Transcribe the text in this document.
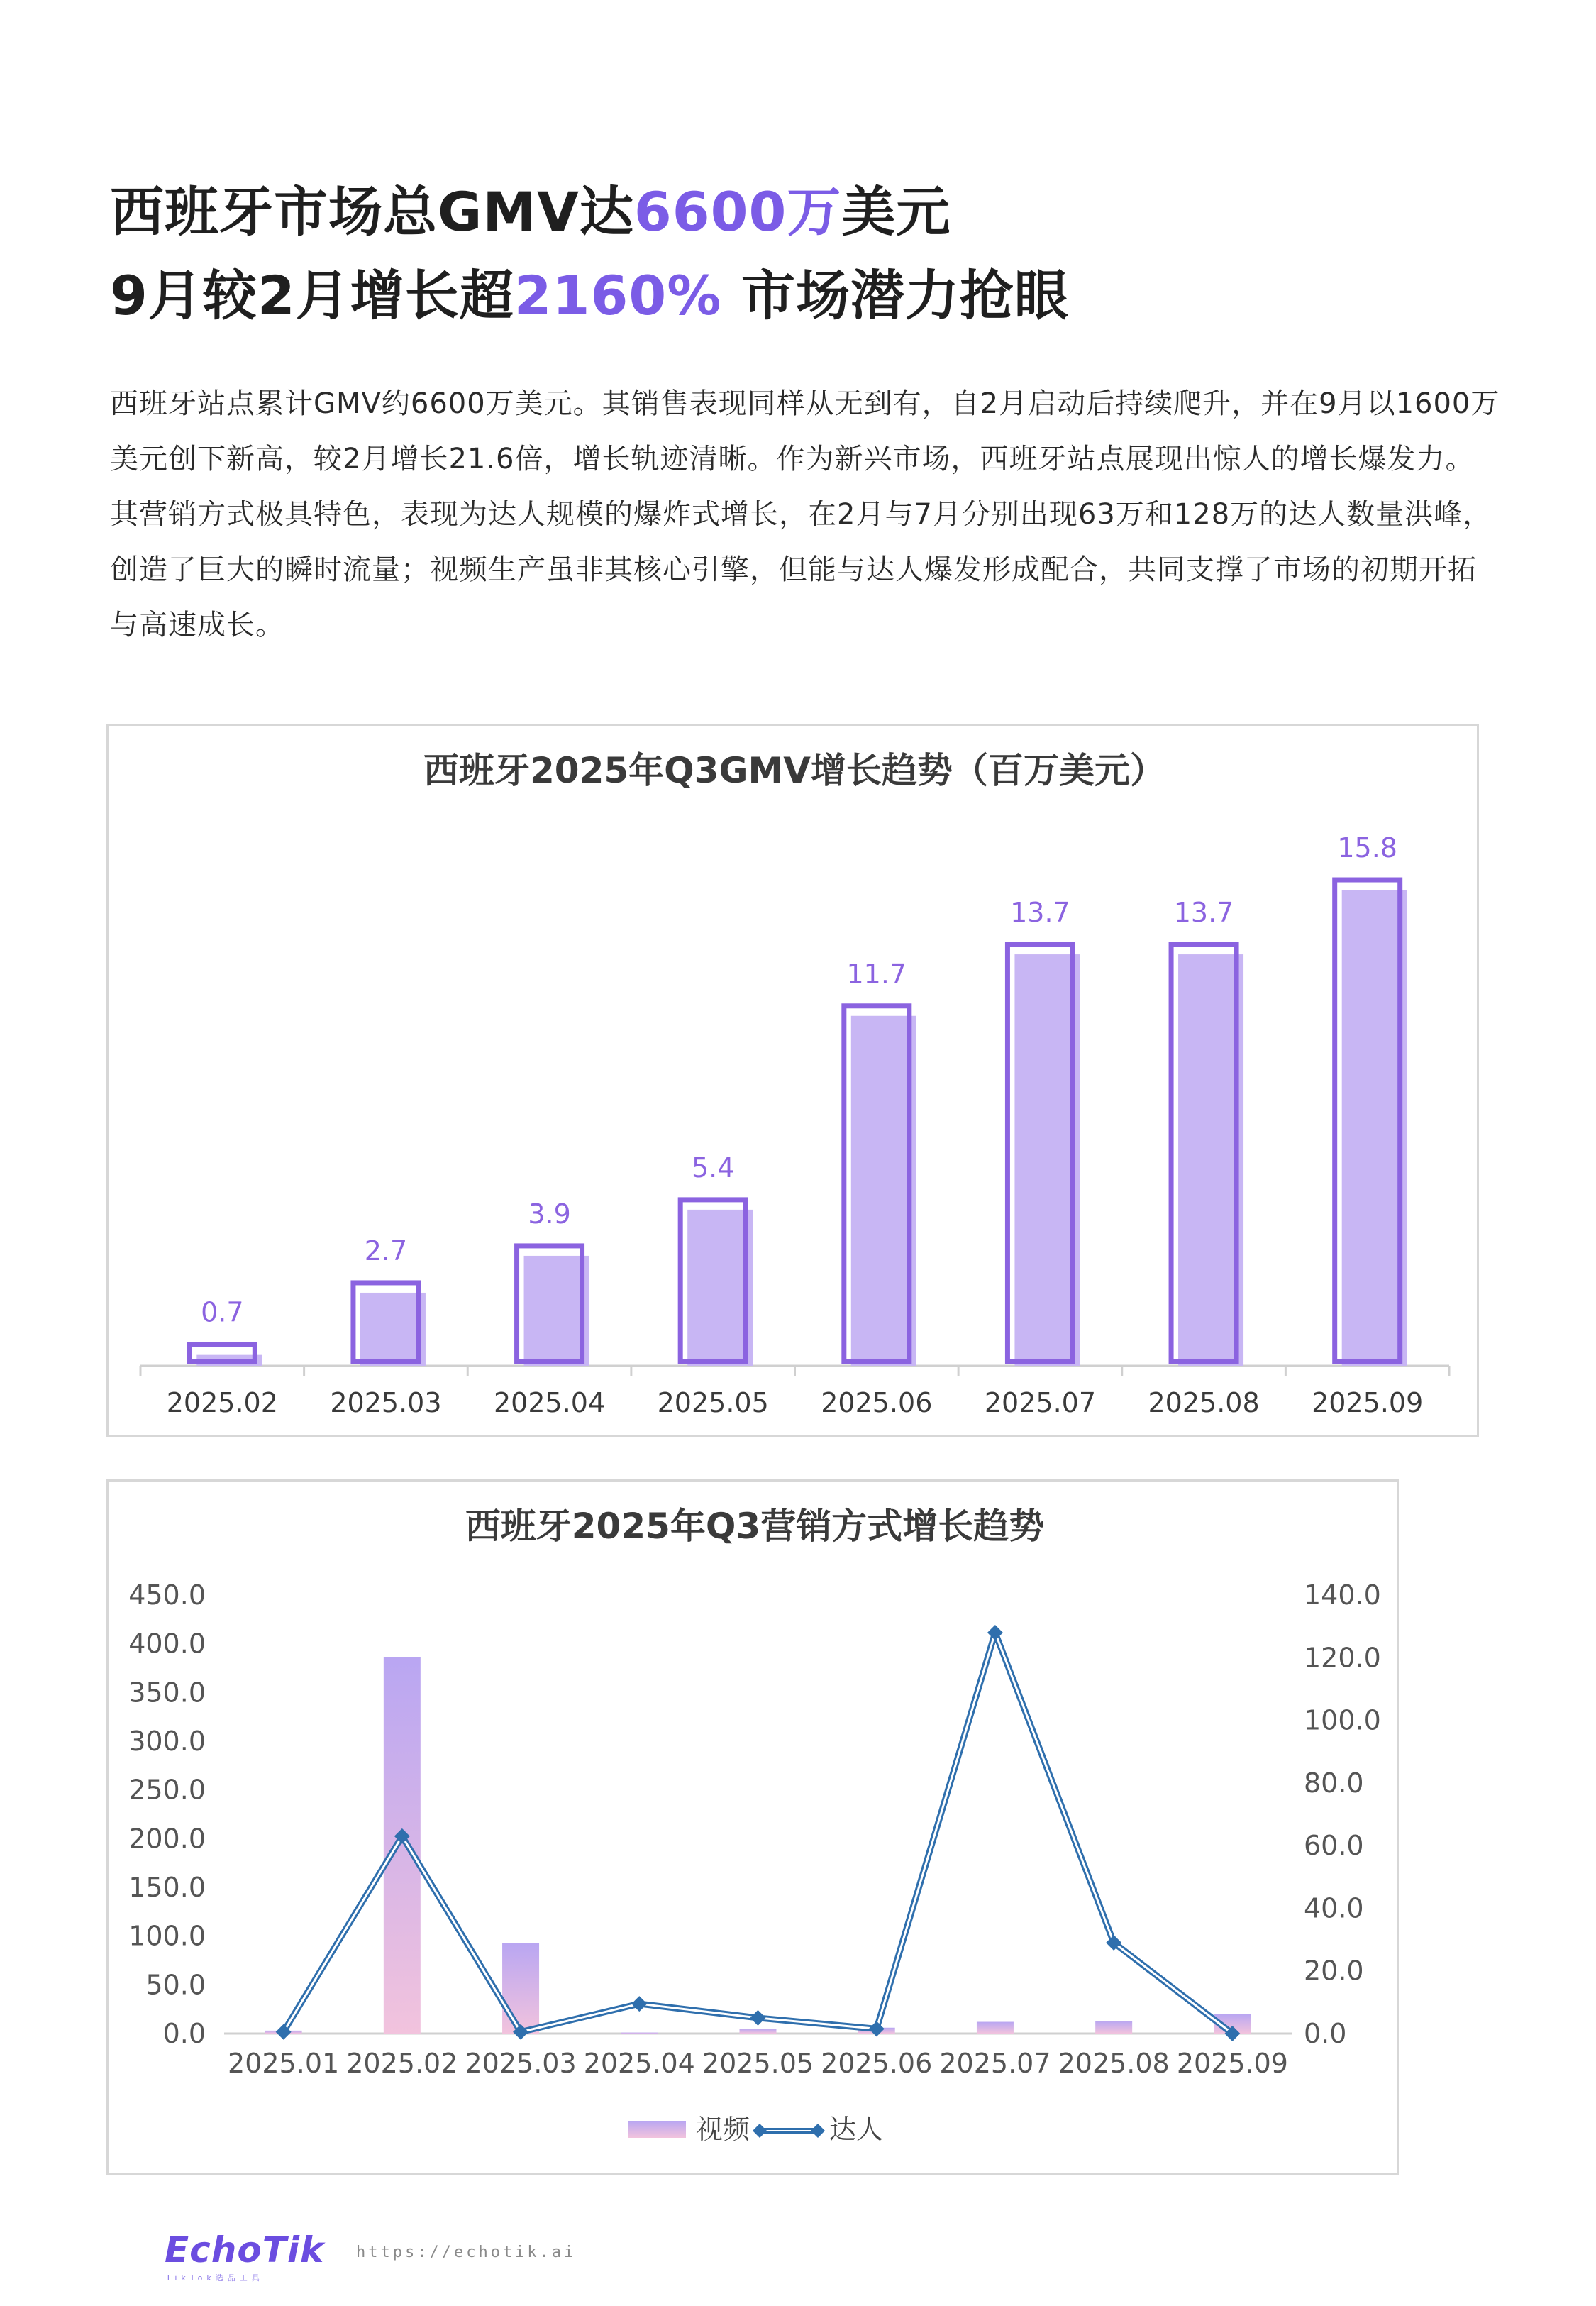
西班牙市场总GMV达6600万美元
9月较2月增长超2160% 市场潜力抢眼
西班牙站点累计GMV约6600万美元。其销售表现同样从无到有，自2月启动后持续爬升，并在9月以1600万美元创下新高，较2月增长21.6倍，增长轨迹清晰。作为新兴市场，西班牙站点展现出惊人的增长爆发力。其营销方式极具特色，表现为达人规模的爆炸式增长，在2月与7月分别出现63万和128万的达人数量洪峰，创造了巨大的瞬时流量；视频生产虽非其核心引擎，但能与达人爆发形成配合，共同支撑了市场的初期开拓与高速成长。
西班牙2025年Q3GMV增长趋势（百万美元）
0.7
2025.02
2.7
2025.03
3.9
2025.04
5.4
2025.05
11.7
2025.06
13.7
2025.07
13.7
2025.08
15.8
2025.09
西班牙2025年Q3营销方式增长趋势
0.0
50.0
100.0
150.0
200.0
250.0
300.0
350.0
400.0
450.0
0.0
20.0
40.0
60.0
80.0
100.0
120.0
140.0
2025.01 2025.02 2025.03 2025.04 2025.05 2025.06 2025.07 2025.08 2025.09
视频	达人
EchoTik
TikTok选品工具
https://echotik.ai
